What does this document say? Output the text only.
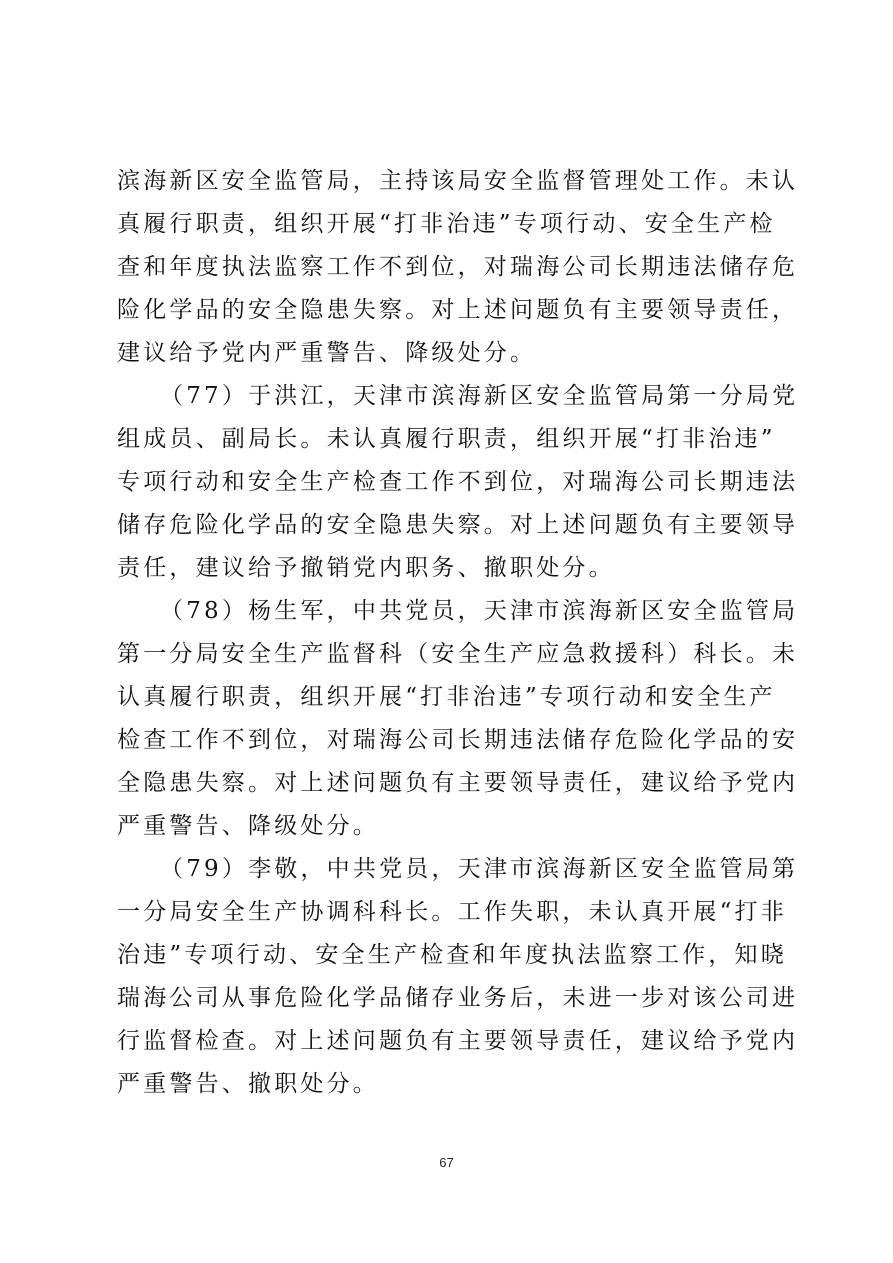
滨海新区安全监管局，主持该局安全监督管理处工作。未认
真履行职责，组织开展“打非治违”专项行动、安全生产检
查和年度执法监察工作不到位，对瑞海公司长期违法储存危
险化学品的安全隐患失察。对上述问题负有主要领导责任，
建议给予党内严重警告、降级处分。
（77）于洪江，天津市滨海新区安全监管局第一分局党
组成员、副局长。未认真履行职责，组织开展“打非治违”
专项行动和安全生产检查工作不到位，对瑞海公司长期违法
储存危险化学品的安全隐患失察。对上述问题负有主要领导
责任，建议给予撤销党内职务、撤职处分。
（78）杨生军，中共党员，天津市滨海新区安全监管局
第一分局安全生产监督科（安全生产应急救援科）科长。未
认真履行职责，组织开展“打非治违”专项行动和安全生产
检查工作不到位，对瑞海公司长期违法储存危险化学品的安
全隐患失察。对上述问题负有主要领导责任，建议给予党内
严重警告、降级处分。
（79）李敬，中共党员，天津市滨海新区安全监管局第
一分局安全生产协调科科长。工作失职，未认真开展“打非
治违”专项行动、安全生产检查和年度执法监察工作，知晓
瑞海公司从事危险化学品储存业务后，未进一步对该公司进
行监督检查。对上述问题负有主要领导责任，建议给予党内
严重警告、撤职处分。
67
